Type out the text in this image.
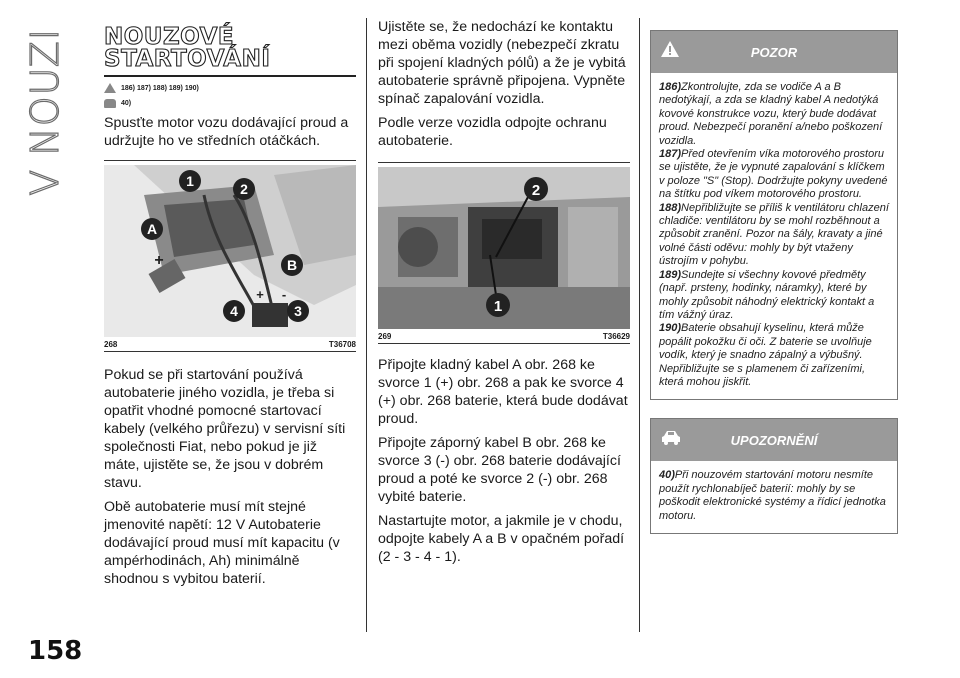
V NOUZI
158
NOUZOVÉ STARTOVÁNÍ
186) 187) 188) 189) 190)
40)

Spusťte motor vozu dodávající proud a udržujte ho ve středních otáčkách.

1	2
A
B
4	3
+
+ -
268	T36708

Pokud se při startování používá autobaterie jiného vozidla, je třeba si opatřit vhodné pomocné startovací kabely (velkého průřezu) v servisní síti společnosti Fiat, nebo pokud je již máte, ujistěte se, že jsou v dobrém stavu.

Obě autobaterie musí mít stejné jmenovité napětí: 12 V Autobaterie dodávající proud musí mít kapacitu (v ampérhodinách, Ah) minimálně shodnou s vybitou baterií.

Ujistěte se, že nedochází ke kontaktu mezi oběma vozidly (nebezpečí zkratu při spojení kladných pólů) a že je vybitá autobaterie správně připojena. Vypněte spínač zapalování vozidla.

Podle verze vozidla odpojte ochranu autobaterie.

2
1
269	T36629

Připojte kladný kabel A obr. 268 ke svorce 1 (+) obr. 268 a pak ke svorce 4 (+) obr. 268 baterie, která bude dodávat proud.

Připojte záporný kabel B obr. 268 ke svorce 3 (-) obr. 268 baterie dodávající proud a poté ke svorce 2 (-) obr. 268 vybité baterie.

Nastartujte motor, a jakmile je v chodu, odpojte kabely A a B v opačném pořadí (2 - 3 - 4 - 1).

POZOR

186)Zkontrolujte, zda se vodiče A a B nedotýkají, a zda se kladný kabel A nedotýká kovové konstrukce vozu, který bude dodávat proud. Nebezpečí poranění a/nebo poškození vozidla.

187)Před otevřením víka motorového prostoru se ujistěte, že je vypnuté zapalování s klíčkem v poloze "S" (Stop). Dodržujte pokyny uvedené na štítku pod víkem motorového prostoru.

188)Nepřibližujte se příliš k ventilátoru chlazení chladiče: ventilátoru by se mohl rozběhnout a způsobit zranění. Pozor na šály, kravaty a jiné volné části oděvu: mohly by být vtaženy ústrojím v pohybu.

189)Sundejte si všechny kovové předměty (např. prsteny, hodinky, náramky), které by mohly způsobit náhodný elektrický kontakt a tím vážný úraz.

190)Baterie obsahují kyselinu, která může popálit pokožku či oči. Z baterie se uvolňuje vodík, který je snadno zápalný a výbušný. Nepřibližujte se s plamenem či zařízeními, která mohou jiskřit.

UPOZORNĚNÍ

40)Při nouzovém startování motoru nesmíte použít rychlonabíječ baterií: mohly by se poškodit elektronické systémy a řídicí jednotka motoru.
